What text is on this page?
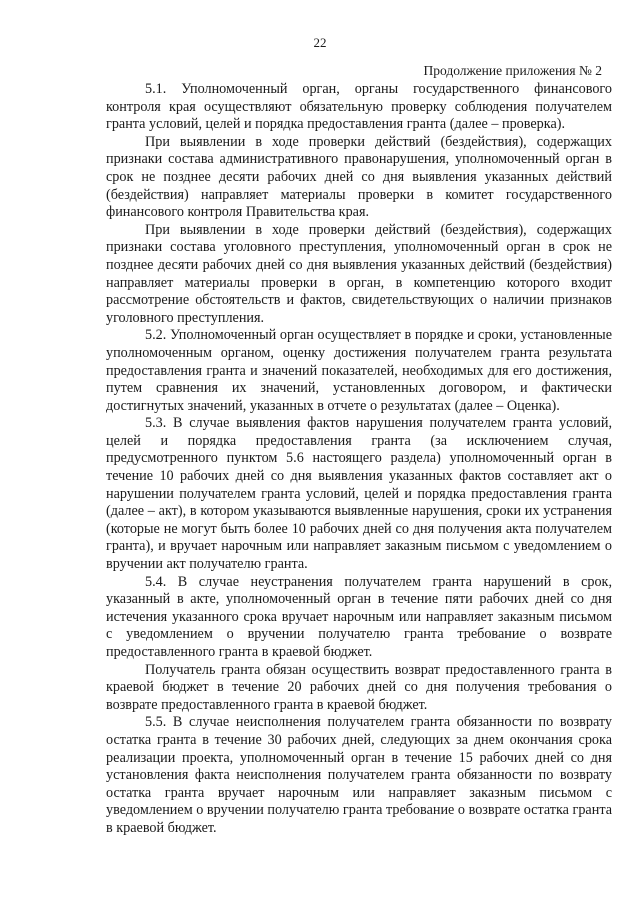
22
Продолжение приложения № 2

5.1. Уполномоченный орган, органы государственного финансового контроля края осуществляют обязательную проверку соблюдения получателем гранта условий, целей и порядка предоставления гранта (далее – проверка).

При выявлении в ходе проверки действий (бездействия), содержащих признаки состава административного правонарушения, уполномоченный орган в срок не позднее десяти рабочих дней со дня выявления указанных действий (бездействия) направляет материалы проверки в комитет государственного финансового контроля Правительства края.

При выявлении в ходе проверки действий (бездействия), содержащих признаки состава уголовного преступления, уполномоченный орган в срок не позднее десяти рабочих дней со дня выявления указанных действий (бездействия) направляет материалы проверки в орган, в компетенцию которого входит рассмотрение обстоятельств и фактов, свидетельствующих о наличии признаков уголовного преступления.

5.2. Уполномоченный орган осуществляет в порядке и сроки, установленные уполномоченным органом, оценку достижения получателем гранта результата предоставления гранта и значений показателей, необходимых для его достижения, путем сравнения их значений, установленных договором, и фактически достигнутых значений, указанных в отчете о результатах (далее – Оценка).

5.3. В случае выявления фактов нарушения получателем гранта условий, целей и порядка предоставления гранта (за исключением случая, предусмотренного пунктом 5.6 настоящего раздела) уполномоченный орган в течение 10 рабочих дней со дня выявления указанных фактов составляет акт о нарушении получателем гранта условий, целей и порядка предоставления гранта (далее – акт), в котором указываются выявленные нарушения, сроки их устранения (которые не могут быть более 10 рабочих дней со дня получения акта получателем гранта), и вручает нарочным или направляет заказным письмом с уведомлением о вручении акт получателю гранта.

5.4. В случае неустранения получателем гранта нарушений в срок, указанный в акте, уполномоченный орган в течение пяти рабочих дней со дня истечения указанного срока вручает нарочным или направляет заказным письмом с уведомлением о вручении получателю гранта требование о возврате предоставленного гранта в краевой бюджет.

Получатель гранта обязан осуществить возврат предоставленного гранта в краевой бюджет в течение 20 рабочих дней со дня получения требования о возврате предоставленного гранта в краевой бюджет.

5.5. В случае неисполнения получателем гранта обязанности по возврату остатка гранта в течение 30 рабочих дней, следующих за днем окончания срока реализации проекта, уполномоченный орган в течение 15 рабочих дней со дня установления факта неисполнения получателем гранта обязанности по возврату остатка гранта вручает нарочным или направляет заказным письмом с уведомлением о вручении получателю гранта требование о возврате остатка гранта в краевой бюджет.
